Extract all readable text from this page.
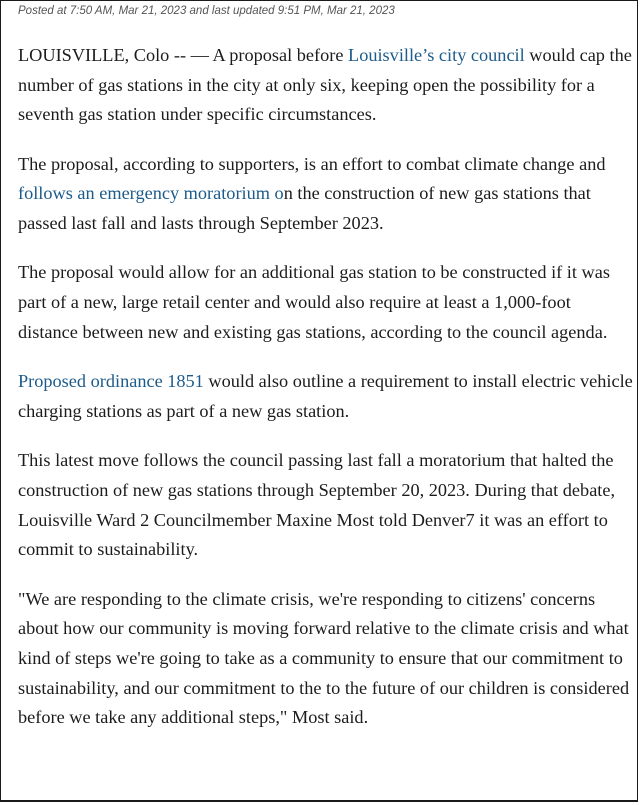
Posted at 7:50 AM, Mar 21, 2023 and last updated 9:51 PM, Mar 21, 2023

LOUISVILLE, Colo -- — A proposal before Louisville’s city council would cap the number of gas stations in the city at only six, keeping open the possibility for a seventh gas station under specific circumstances.

The proposal, according to supporters, is an effort to combat climate change and follows an emergency moratorium on the construction of new gas stations that passed last fall and lasts through September 2023.

The proposal would allow for an additional gas station to be constructed if it was part of a new, large retail center and would also require at least a 1,000-foot distance between new and existing gas stations, according to the council agenda.

Proposed ordinance 1851 would also outline a requirement to install electric vehicle charging stations as part of a new gas station.

This latest move follows the council passing last fall a moratorium that halted the construction of new gas stations through September 20, 2023. During that debate, Louisville Ward 2 Councilmember Maxine Most told Denver7 it was an effort to commit to sustainability.

"We are responding to the climate crisis, we're responding to citizens' concerns about how our community is moving forward relative to the climate crisis and what kind of steps we're going to take as a community to ensure that our commitment to sustainability, and our commitment to the to the future of our children is considered before we take any additional steps," Most said.
